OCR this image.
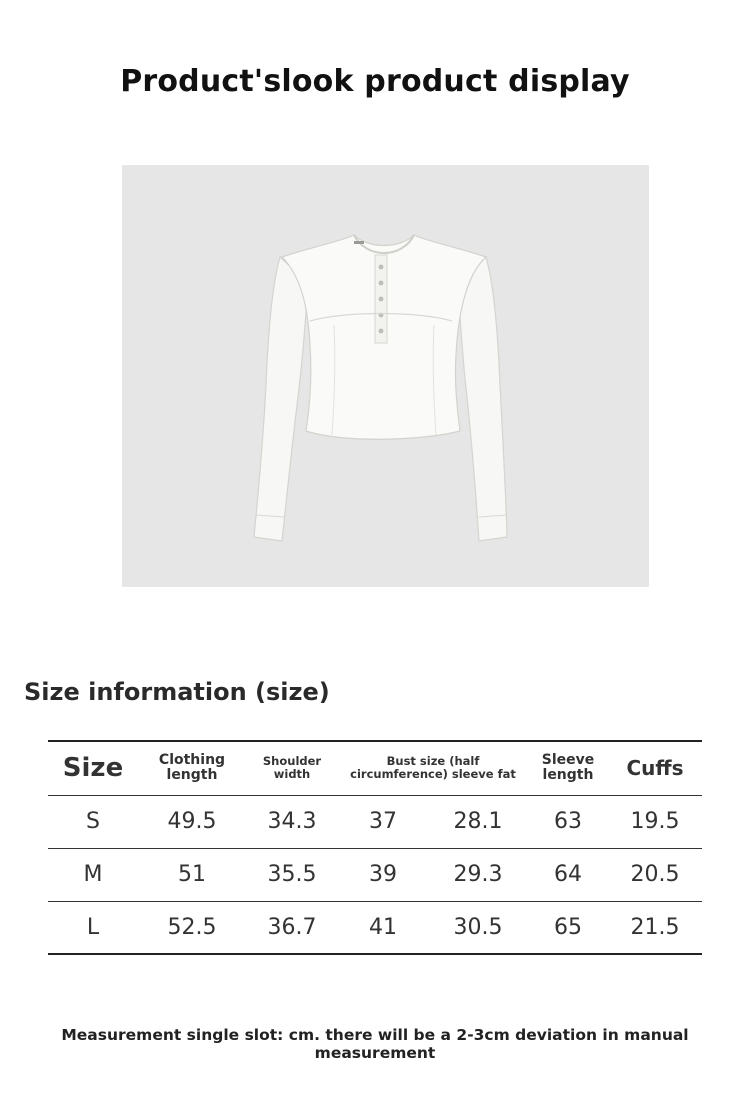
Product'slook product display
Size information (size)
Size	Clothing length	Shoulder width	Bust size (half circumference) sleeve fat		Sleeve length	Cuffs
S	49.5	34.3	37	28.1	63	19.5
M	51	35.5	39	29.3	64	20.5
L	52.5	36.7	41	30.5	65	21.5
Measurement single slot: cm. there will be a 2-3cm deviation in manual measurement
